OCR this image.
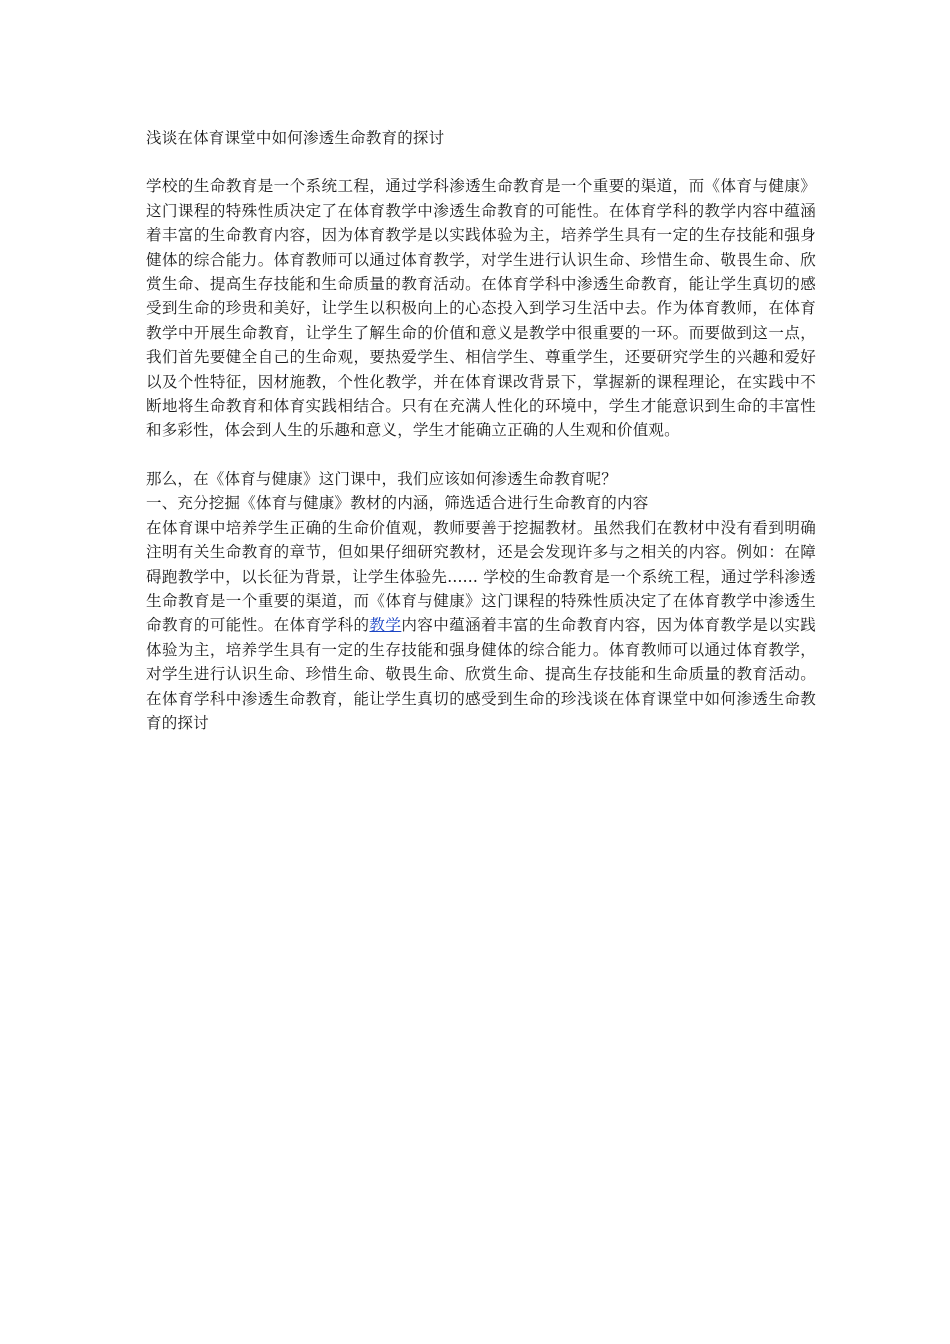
浅谈在体育课堂中如何渗透生命教育的探讨

学校的生命教育是一个系统工程，通过学科渗透生命教育是一个重要的渠道，而《体育与健康》这门课程的特殊性质决定了在体育教学中渗透生命教育的可能性。在体育学科的教学内容中蕴涵着丰富的生命教育内容，因为体育教学是以实践体验为主，培养学生具有一定的生存技能和强身健体的综合能力。体育教师可以通过体育教学，对学生进行认识生命、珍惜生命、敬畏生命、欣赏生命、提高生存技能和生命质量的教育活动。在体育学科中渗透生命教育，能让学生真切的感受到生命的珍贵和美好，让学生以积极向上的心态投入到学习生活中去。作为体育教师，在体育教学中开展生命教育，让学生了解生命的价值和意义是教学中很重要的一环。而要做到这一点，我们首先要健全自己的生命观，要热爱学生、相信学生、尊重学生，还要研究学生的兴趣和爱好以及个性特征，因材施教，个性化教学，并在体育课改背景下，掌握新的课程理论，在实践中不断地将生命教育和体育实践相结合。只有在充满人性化的环境中，学生才能意识到生命的丰富性和多彩性，体会到人生的乐趣和意义，学生才能确立正确的人生观和价值观。

那么，在《体育与健康》这门课中，我们应该如何渗透生命教育呢？

一、充分挖掘《体育与健康》教材的内涵，筛选适合进行生命教育的内容

在体育课中培养学生正确的生命价值观，教师要善于挖掘教材。虽然我们在教材中没有看到明确注明有关生命教育的章节，但如果仔细研究教材，还是会发现许多与之相关的内容。例如：在障碍跑教学中，以长征为背景，让学生体验先...... 学校的生命教育是一个系统工程，通过学科渗透生命教育是一个重要的渠道，而《体育与健康》这门课程的特殊性质决定了在体育教学中渗透生命教育的可能性。在体育学科的教学内容中蕴涵着丰富的生命教育内容，因为体育教学是以实践体验为主，培养学生具有一定的生存技能和强身健体的综合能力。体育教师可以通过体育教学，对学生进行认识生命、珍惜生命、敬畏生命、欣赏生命、提高生存技能和生命质量的教育活动。在体育学科中渗透生命教育，能让学生真切的感受到生命的珍浅谈在体育课堂中如何渗透生命教育的探讨
